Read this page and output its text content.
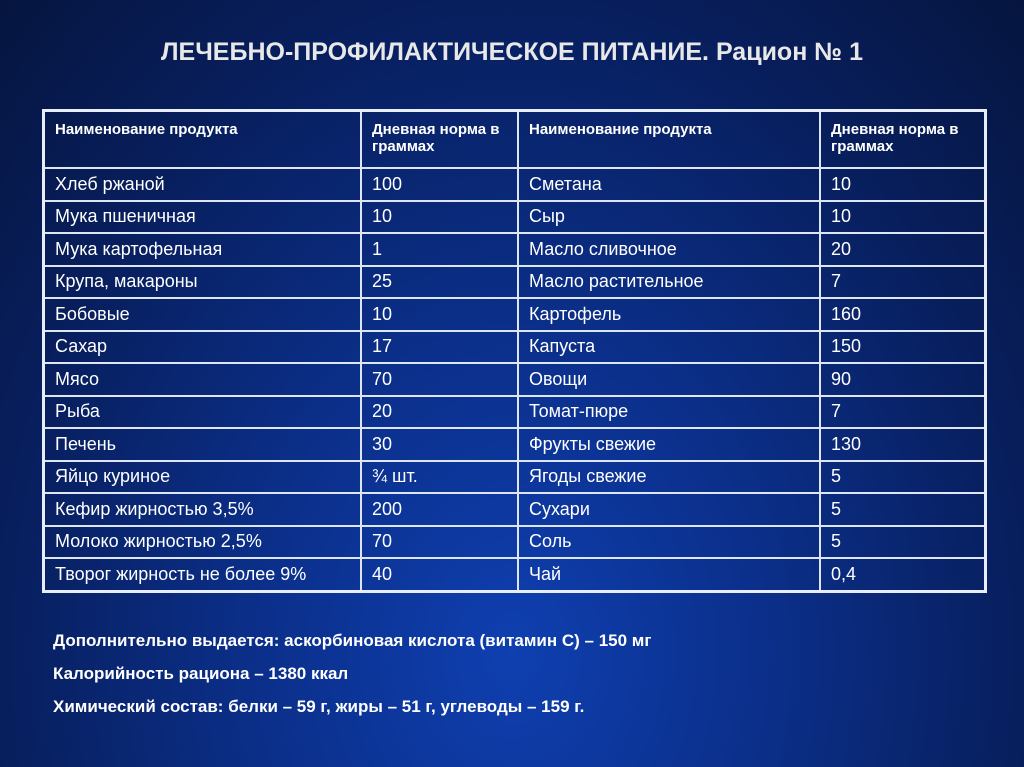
ЛЕЧЕБНО-ПРОФИЛАКТИЧЕСКОЕ ПИТАНИЕ. Рацион № 1
Наименование продукта	Дневная норма в граммах	Наименование продукта	Дневная норма в граммах
Хлеб ржаной	100	Сметана	10
Мука пшеничная	10	Сыр	10
Мука картофельная	1	Масло сливочное	20
Крупа, макароны	25	Масло растительное	7
Бобовые	10	Картофель	160
Сахар	17	Капуста	150
Мясо	70	Овощи	90
Рыба	20	Томат-пюре	7
Печень	30	Фрукты свежие	130
Яйцо куриное	¾ шт.	Ягоды свежие	5
Кефир жирностью 3,5%	200	Сухари	5
Молоко жирностью 2,5%	70	Соль	5
Творог жирность не более 9%	40	Чай	0,4
Дополнительно выдается: аскорбиновая кислота (витамин С) – 150 мг
Калорийность рациона – 1380 ккал
Химический состав: белки – 59 г, жиры – 51 г, углеводы – 159 г.
